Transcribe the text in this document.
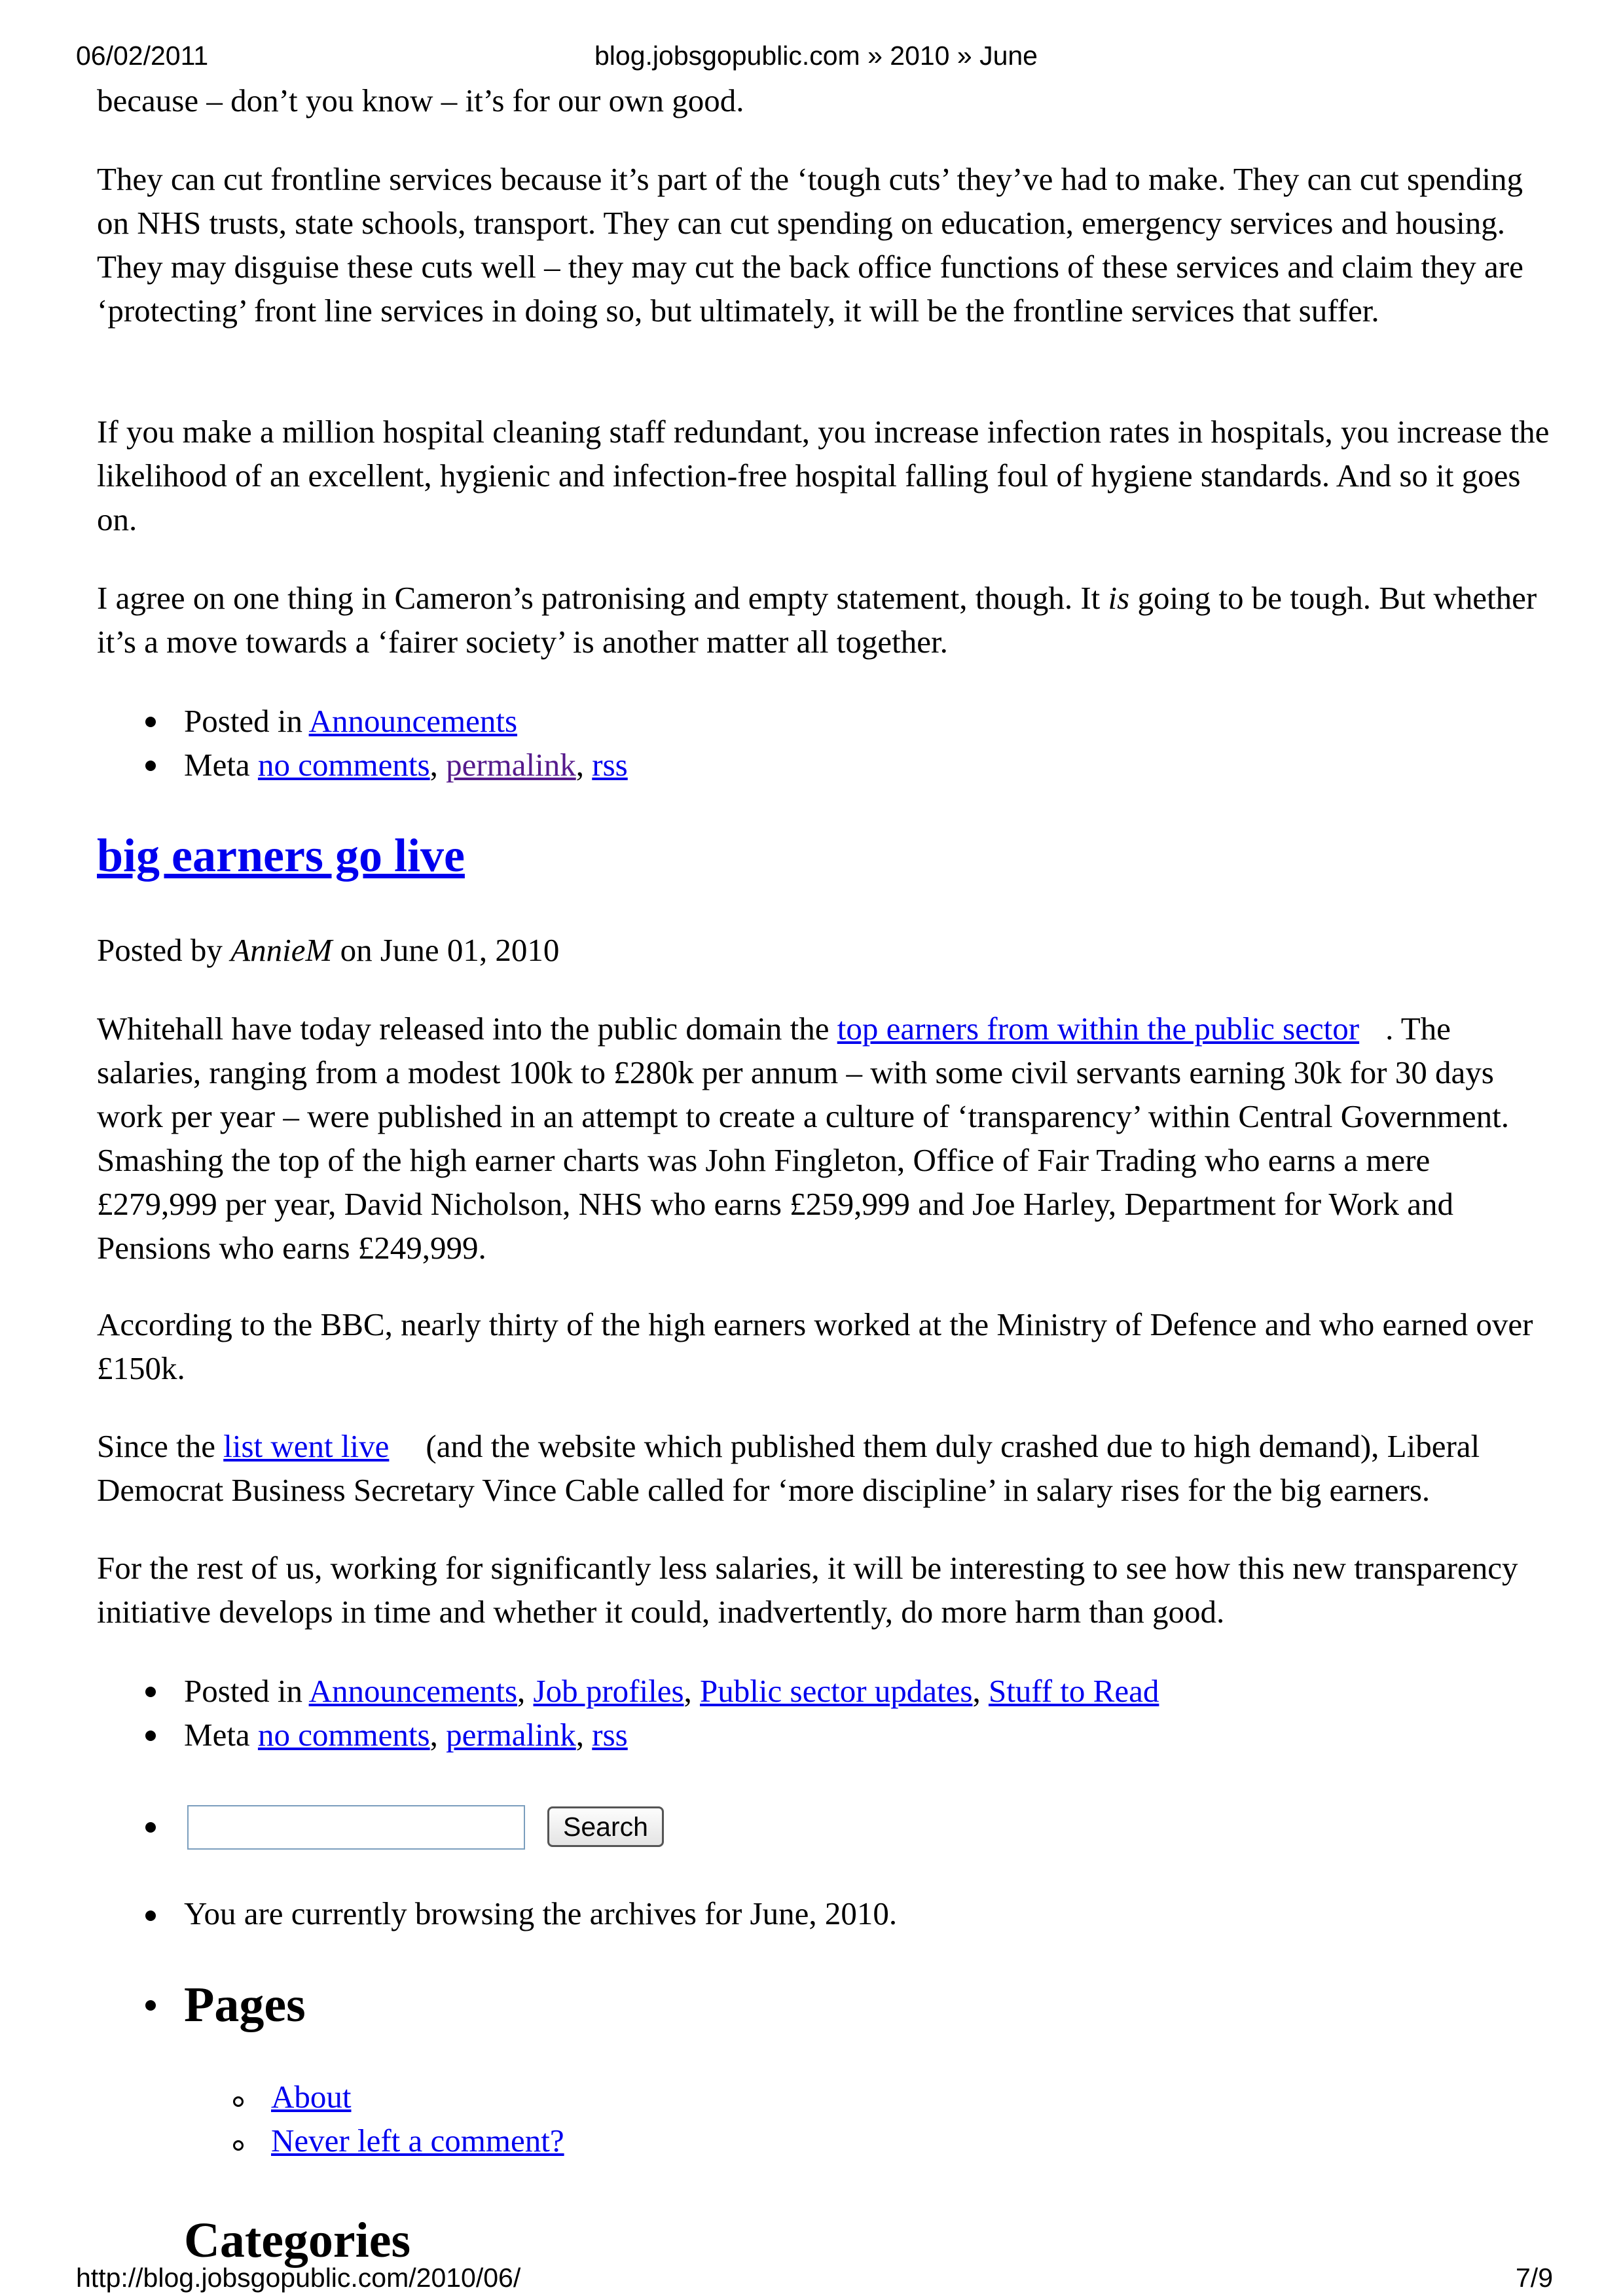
06/02/2011	blog.jobsgopublic.com » 2010 » June

because – don’t you know – it’s for our own good.

They can cut frontline services because it’s part of the ‘tough cuts’ they’ve had to make. They can cut spending on NHS trusts, state schools, transport. They can cut spending on education, emergency services and housing. They may disguise these cuts well – they may cut the back office functions of these services and claim they are ‘protecting’ front line services in doing so, but ultimately, it will be the frontline services that suffer.

If you make a million hospital cleaning staff redundant, you increase infection rates in hospitals, you increase the likelihood of an excellent, hygienic and infection-free hospital falling foul of hygiene standards. And so it goes on.

I agree on one thing in Cameron’s patronising and empty statement, though. It is going to be tough. But whether it’s a move towards a ‘fairer society’ is another matter all together.

Posted in Announcements
Meta no comments, permalink, rss
big earners go live

Posted by AnnieM on June 01, 2010

Whitehall have today released into the public domain the top earners from within the public sector . The salaries, ranging from a modest 100k to £280k per annum – with some civil servants earning 30k for 30 days work per year – were published in an attempt to create a culture of ‘transparency’ within Central Government. Smashing the top of the high earner charts was John Fingleton, Office of Fair Trading who earns a mere £279,999 per year, David Nicholson, NHS who earns £259,999 and Joe Harley, Department for Work and Pensions who earns £249,999.

According to the BBC, nearly thirty of the high earners worked at the Ministry of Defence and who earned over £150k.

Since the list went live (and the website which published them duly crashed due to high demand), Liberal Democrat Business Secretary Vince Cable called for ‘more discipline’ in salary rises for the big earners.

For the rest of us, working for significantly less salaries, it will be interesting to see how this new transparency initiative develops in time and whether it could, inadvertently, do more harm than good.

Posted in Announcements, Job profiles, Public sector updates, Stuff to Read
Meta no comments, permalink, rss
Search

You are currently browsing the archives for June, 2010.

Pages
About
Never left a comment?
Categories
http://blog.jobsgopublic.com/2010/06/	7/9
